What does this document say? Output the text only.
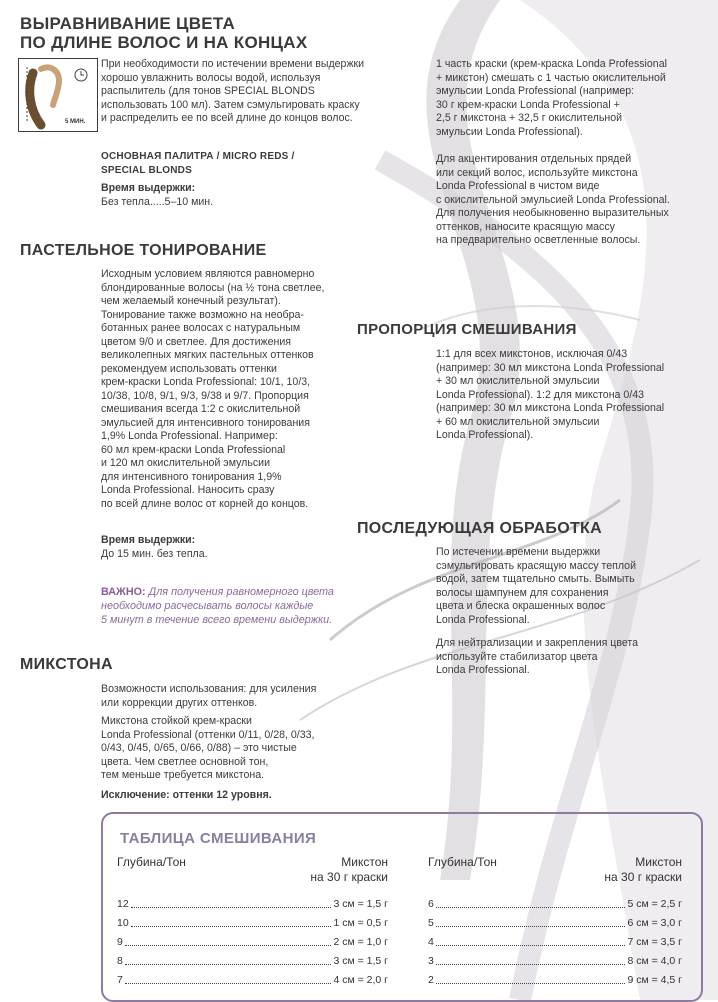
ВЫРАВНИВАНИЕ ЦВЕТА
ПО ДЛИНЕ ВОЛОС И НА КОНЦАХ
5 МИН.
При необходимости по истечении времени выдержки
хорошо увлажнить волосы водой, используя
распылитель (для тонов SPECIAL BLONDS
использовать 100 мл). Затем сэмульгировать краску
и распределить ее по всей длине до концов волос.
ОСНОВНАЯ ПАЛИТРА / MICRO REDS /
SPECIAL BLONDS
Время выдержки:
Без тепла.....5–10 мин.
ПАСТЕЛЬНОЕ ТОНИРОВАНИЕ
Исходным условием являются равномерно
блондированные волосы (на ½ тона светлее,
чем желаемый конечный результат).
Тонирование также возможно на необра-
ботанных ранее волосах с натуральным
цветом 9/0 и светлее. Для достижения
великолепных мягких пастельных оттенков
рекомендуем использовать оттенки
крем-краски Londa Professional: 10/1, 10/3,
10/38, 10/8, 9/1, 9/3, 9/38 и 9/7. Пропорция
смешивания всегда 1:2 с окислительной
эмульсией для интенсивного тонирования
1,9% Londa Professional. Например:
60 мл крем-краски Londa Professional
и 120 мл окислительной эмульсии
для интенсивного тонирования 1,9%
Londa Professional. Наносить сразу
по всей длине волос от корней до концов.
Время выдержки:
До 15 мин. без тепла.
ВАЖНО: Для получения равномерного цвета
необходимо расчесывать волосы каждые
5 минут в течение всего времени выдержки.
МИКСТОНА
Возможности использования: для усиления
или коррекции других оттенков.
Микстона стойкой крем-краски
Londa Professional (оттенки 0/11, 0/28, 0/33,
0/43, 0/45, 0/65, 0/66, 0/88) – это чистые
цвета. Чем светлее основной тон,
тем меньше требуется микстона.
Исключение: оттенки 12 уровня.
1 часть краски (крем-краска Londa Professional
+ микстон) смешать с 1 частью окислительной
эмульсии Londa Professional (например:
30 г крем-краски Londa Professional +
2,5 г микстона + 32,5 г окислительной
эмульсии Londa Professional).
Для акцентирования отдельных прядей
или секций волос, используйте микстона
Londa Professional в чистом виде
с окислительной эмульсией Londa Professional.
Для получения необыкновенно выразительных
оттенков, наносите красящую массу
на предварительно осветленные волосы.
ПРОПОРЦИЯ СМЕШИВАНИЯ
1:1 для всех микстонов, исключая 0/43
(например: 30 мл микстона Londa Professional
+ 30 мл окислительной эмульсии
Londa Professional). 1:2 для микстона 0/43
(например: 30 мл микстона Londa Professional
+ 60 мл окислительной эмульсии
Londa Professional).
ПОСЛЕДУЮЩАЯ ОБРАБОТКА
По истечении времени выдержки
сэмульгировать красящую массу теплой
водой, затем тщательно смыть. Вымыть
волосы шампунем для сохранения
цвета и блеска окрашенных волос
Londa Professional.
Для нейтрализации и закрепления цвета
используйте стабилизатор цвета
Londa Professional.
ТАБЛИЦА СМЕШИВАНИЯ
Глубина/Тон	Микстон
на 30 г краски
Глубина/Тон	Микстон
на 30 г краски
12	3 см = 1,5 г
10	1 см = 0,5 г
9	2 см = 1,0 г
8	3 см = 1,5 г
7	4 см = 2,0 г
6	5 см = 2,5 г
5	6 см = 3,0 г
4	7 см = 3,5 г
3	8 см = 4,0 г
2	9 см = 4,5 г
